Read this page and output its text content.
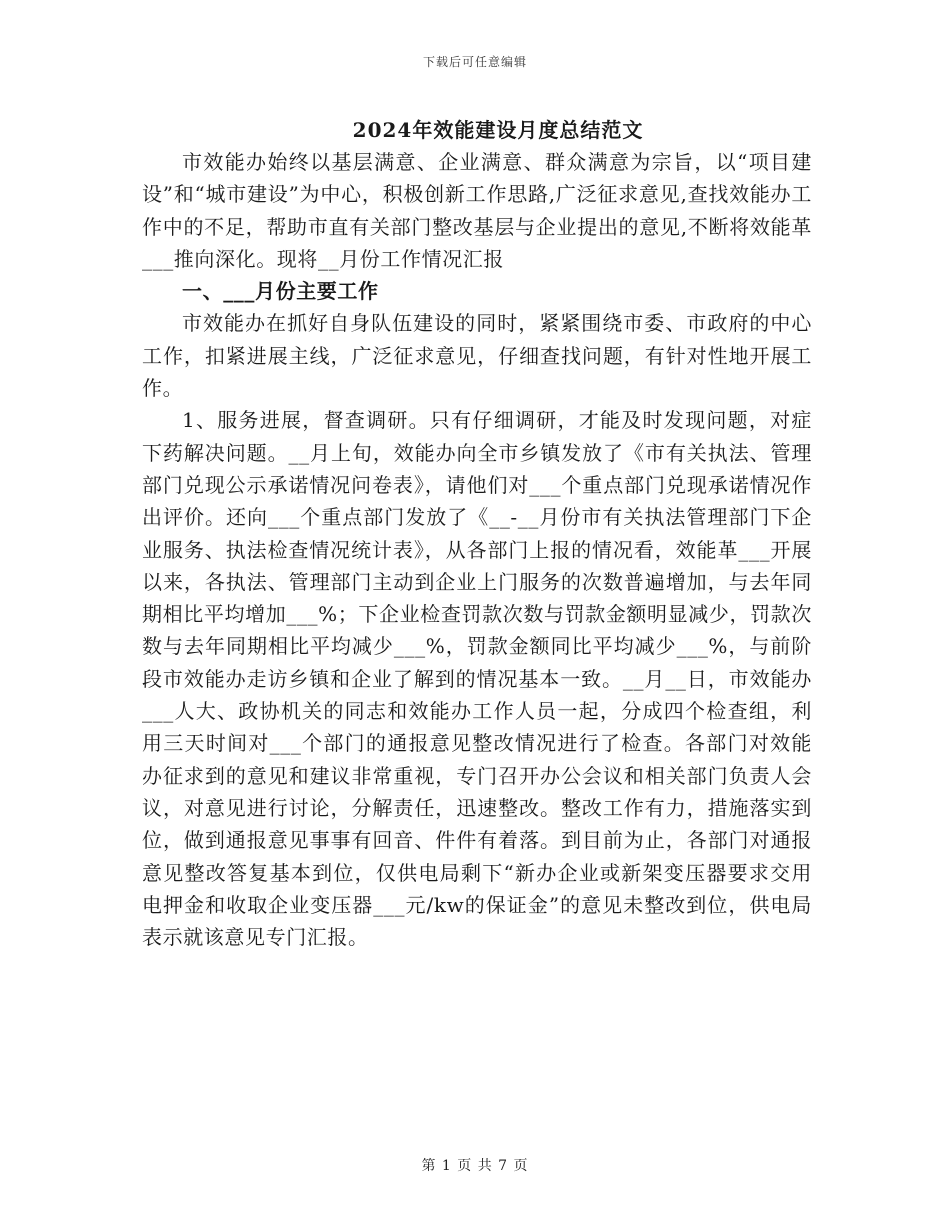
下载后可任意编辑
2024年效能建设月度总结范文

市效能办始终以基层满意、企业满意、群众满意为宗旨，以“项目建设”和“城市建设”为中心，积极创新工作思路,广泛征求意见,查找效能办工作中的不足，帮助市直有关部门整改基层与企业提出的意见,不断将效能革___推向深化。现将__月份工作情况汇报

一、___月份主要工作

市效能办在抓好自身队伍建设的同时，紧紧围绕市委、市政府的中心工作，扣紧进展主线，广泛征求意见，仔细查找问题，有针对性地开展工作。

1、服务进展，督查调研。只有仔细调研，才能及时发现问题，对症下药解决问题。__月上旬，效能办向全市乡镇发放了《市有关执法、管理部门兑现公示承诺情况问卷表》，请他们对___个重点部门兑现承诺情况作出评价。还向___个重点部门发放了《__-__月份市有关执法管理部门下企业服务、执法检查情况统计表》，从各部门上报的情况看，效能革___开展以来，各执法、管理部门主动到企业上门服务的次数普遍增加，与去年同期相比平均增加___%；下企业检查罚款次数与罚款金额明显减少，罚款次数与去年同期相比平均减少___%，罚款金额同比平均减少___%，与前阶段市效能办走访乡镇和企业了解到的情况基本一致。__月__日，市效能办___人大、政协机关的同志和效能办工作人员一起，分成四个检查组，利用三天时间对___个部门的通报意见整改情况进行了检查。各部门对效能办征求到的意见和建议非常重视，专门召开办公会议和相关部门负责人会议，对意见进行讨论，分解责任，迅速整改。整改工作有力，措施落实到位，做到通报意见事事有回音、件件有着落。到目前为止，各部门对通报意见整改答复基本到位，仅供电局剩下“新办企业或新架变压器要求交用电押金和收取企业变压器___元/kw的保证金”的意见未整改到位，供电局表示就该意见专门汇报。

第 1 页 共 7 页
